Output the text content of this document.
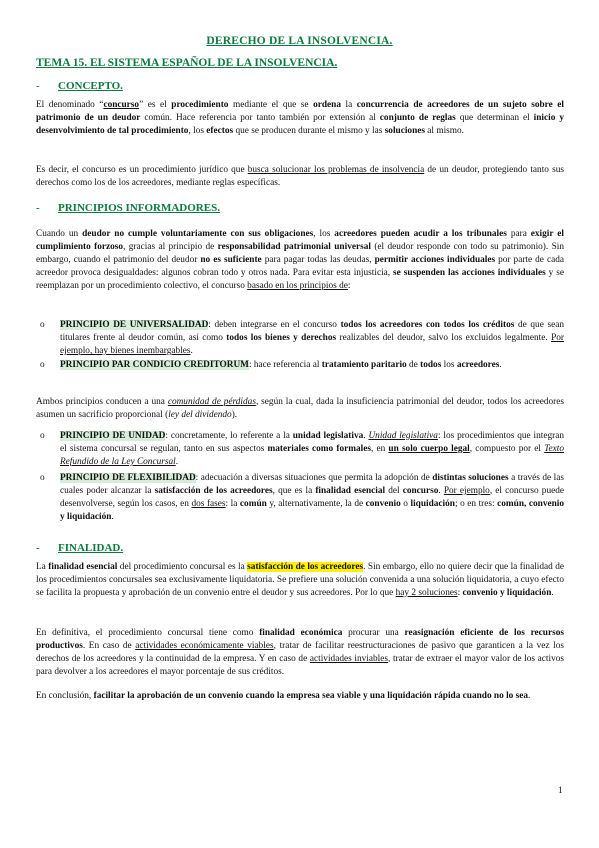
DERECHO DE LA INSOLVENCIA.
TEMA 15. EL SISTEMA ESPAÑOL DE LA INSOLVENCIA.
- CONCEPTO.
El denominado “concurso” es el procedimiento mediante el que se ordena la concurrencia de acreedores de un sujeto sobre el patrimonio de un deudor común. Hace referencia por tanto también por extensión al conjunto de reglas que determinan el inicio y desenvolvimiento de tal procedimiento, los efectos que se producen durante el mismo y las soluciones al mismo.
Es decir, el concurso es un procedimiento jurídico que busca solucionar los problemas de insolvencia de un deudor, protegiendo tanto sus derechos como los de los acreedores, mediante reglas específicas.
- PRINCIPIOS INFORMADORES.
Cuando un deudor no cumple voluntariamente con sus obligaciones, los acreedores pueden acudir a los tribunales para exigir el cumplimiento forzoso, gracias al principio de responsabilidad patrimonial universal (el deudor responde con todo su patrimonio). Sin embargo, cuando el patrimonio del deudor no es suficiente para pagar todas las deudas, permitir acciones individuales por parte de cada acreedor provoca desigualdades: algunos cobran todo y otros nada. Para evitar esta injusticia, se suspenden las acciones individuales y se reemplazan por un procedimiento colectivo, el concurso basado en los principios de:
o PRINCIPIO DE UNIVERSALIDAD: deben integrarse en el concurso todos los acreedores con todos los créditos de que sean titulares frente al deudor común, así como todos los bienes y derechos realizables del deudor, salvo los excluidos legalmente. Por ejemplo, hay bienes inembargables.
o PRINCIPIO PAR CONDICIO CREDITORUM: hace referencia al tratamiento paritario de todos los acreedores.
Ambos principios conducen a una comunidad de pérdidas, según la cual, dada la insuficiencia patrimonial del deudor, todos los acreedores asumen un sacrificio proporcional (ley del dividendo).
o PRINCIPIO DE UNIDAD: concretamente, lo referente a la unidad legislativa. Unidad legislativa: los procedimientos que integran el sistema concursal se regulan, tanto en sus aspectos materiales como formales, en un solo cuerpo legal, compuesto por el Texto Refundido de la Ley Concursal.
o PRINCIPIO DE FLEXIBILIDAD: adecuación a diversas situaciones que permita la adopción de distintas soluciones a través de las cuales poder alcanzar la satisfacción de los acreedores, que es la finalidad esencial del concurso. Por ejemplo, el concurso puede desenvolverse, según los casos, en dos fases: la común y, alternativamente, la de convenio o liquidación; o en tres: común, convenio y liquidación.
- FINALIDAD.
La finalidad esencial del procedimiento concursal es la satisfacción de los acreedores. Sin embargo, ello no quiere decir que la finalidad de los procedimientos concursales sea exclusivamente liquidatoria. Se prefiere una solución convenida a una solución liquidatoria, a cuyo efecto se facilita la propuesta y aprobación de un convenio entre el deudor y sus acreedores. Por lo que hay 2 soluciones: convenio y liquidación.
En definitiva, el procedimiento concursal tiene como finalidad económica procurar una reasignación eficiente de los recursos productivos. En caso de actividades económicamente viables, tratar de facilitar reestructuraciones de pasivo que garanticen a la vez los derechos de los acreedores y la continuidad de la empresa. Y en caso de actividades inviables, tratar de extraer el mayor valor de los activos para devolver a los acreedores el mayor porcentaje de sus créditos.
En conclusión, facilitar la aprobación de un convenio cuando la empresa sea viable y una liquidación rápida cuando no lo sea.
1
